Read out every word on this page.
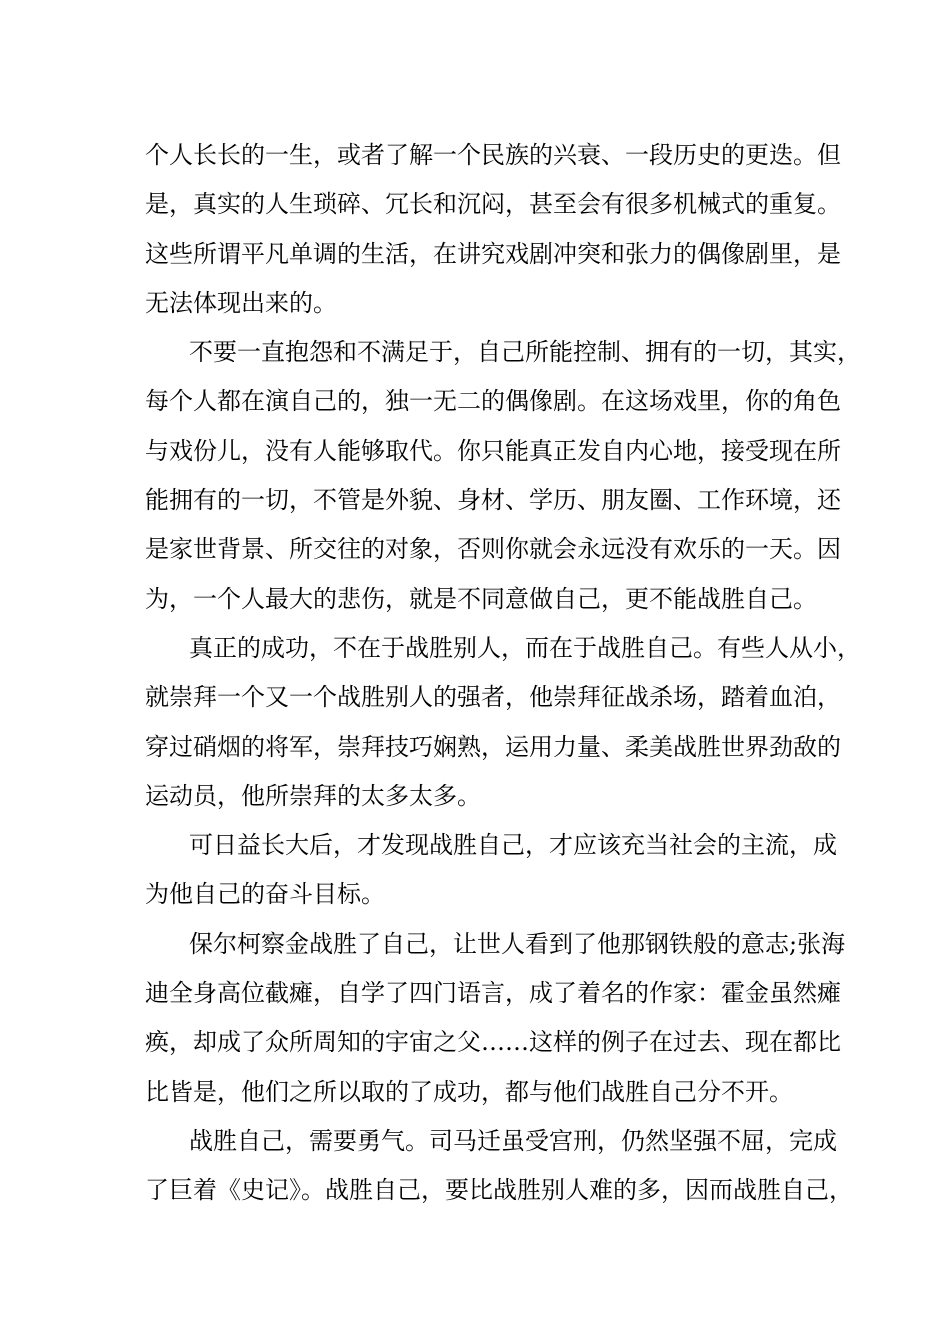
个人长长的一生，或者了解一个民族的兴衰、一段历史的更迭。但
是，真实的人生琐碎、冗长和沉闷，甚至会有很多机械式的重复。
这些所谓平凡单调的生活，在讲究戏剧冲突和张力的偶像剧里，是
无法体现出来的。
不要一直抱怨和不满足于，自己所能控制、拥有的一切，其实，
每个人都在演自己的，独一无二的偶像剧。在这场戏里，你的角色
与戏份儿，没有人能够取代。你只能真正发自内心地，接受现在所
能拥有的一切，不管是外貌、身材、学历、朋友圈、工作环境，还
是家世背景、所交往的对象，否则你就会永远没有欢乐的一天。因
为，一个人最大的悲伤，就是不同意做自己，更不能战胜自己。
真正的成功，不在于战胜别人，而在于战胜自己。有些人从小，
就崇拜一个又一个战胜别人的强者，他崇拜征战杀场，踏着血泊，
穿过硝烟的将军，崇拜技巧娴熟，运用力量、柔美战胜世界劲敌的
运动员，他所崇拜的太多太多。
可日益长大后，才发现战胜自己，才应该充当社会的主流，成
为他自己的奋斗目标。
保尔柯察金战胜了自己，让世人看到了他那钢铁般的意志;张海
迪全身高位截瘫，自学了四门语言，成了着名的作家：霍金虽然瘫
痪，却成了众所周知的宇宙之父……这样的例子在过去、现在都比
比皆是，他们之所以取的了成功，都与他们战胜自己分不开。
战胜自己，需要勇气。司马迁虽受宫刑，仍然坚强不屈，完成
了巨着《史记》。战胜自己，要比战胜别人难的多，因而战胜自己，
